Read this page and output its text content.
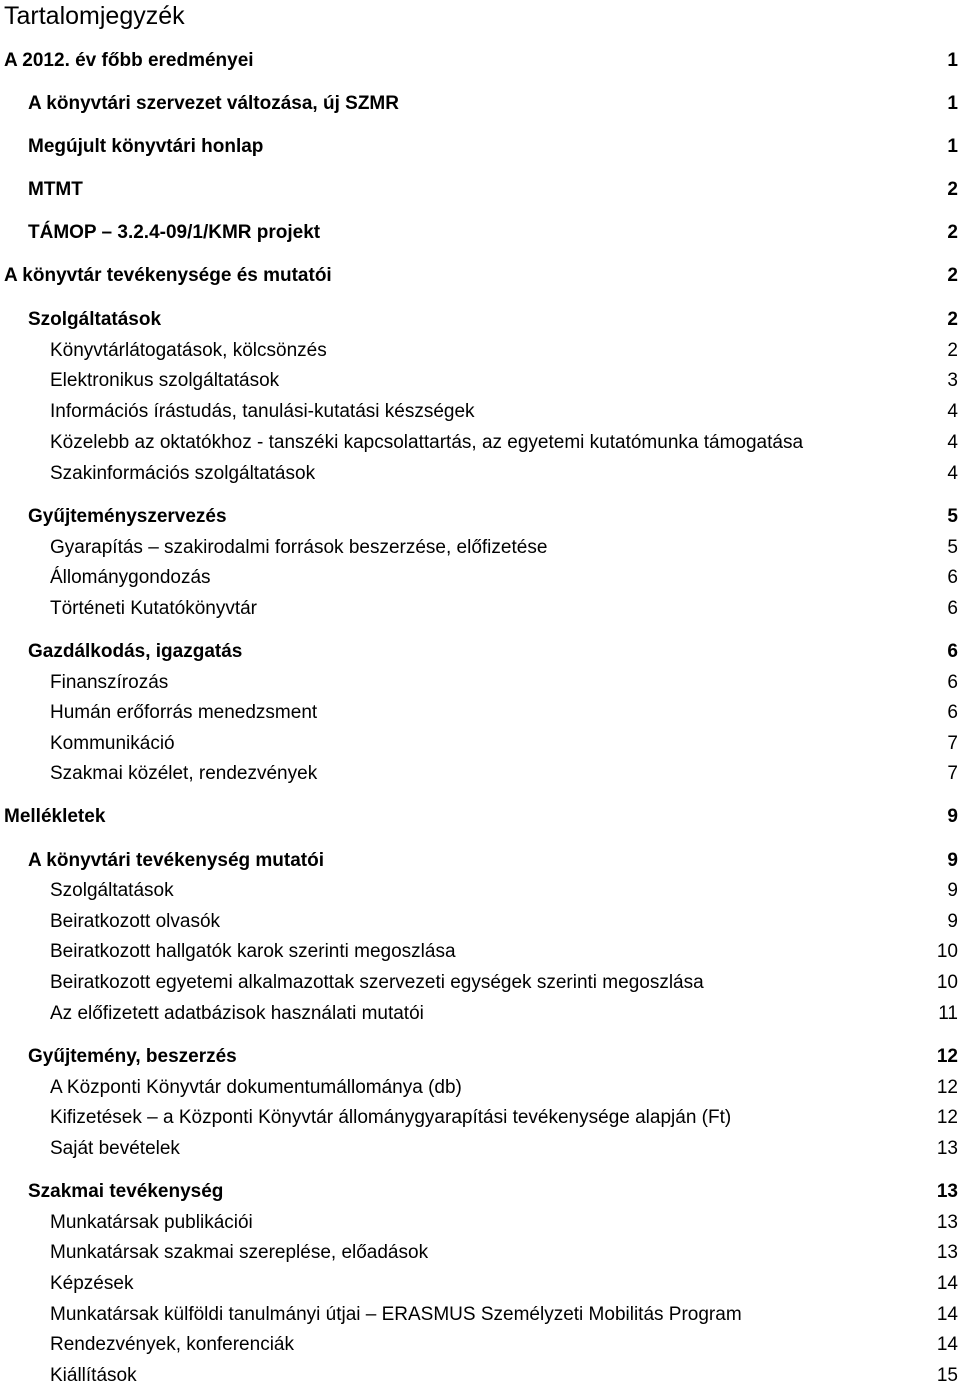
Tartalomjegyzék
A 2012. év főbb eredményei	1
A könyvtári szervezet változása, új SZMR	1
Megújult könyvtári honlap	1
MTMT	2
TÁMOP – 3.2.4-09/1/KMR projekt	2
A könyvtár tevékenysége és mutatói	2
Szolgáltatások	2
Könyvtárlátogatások, kölcsönzés	2
Elektronikus szolgáltatások	3
Információs írástudás, tanulási-kutatási készségek	4
Közelebb az oktatókhoz - tanszéki kapcsolattartás, az egyetemi kutatómunka támogatása	4
Szakinformációs szolgáltatások	4
Gyűjteményszervezés	5
Gyarapítás – szakirodalmi források beszerzése, előfizetése	5
Állománygondozás	6
Történeti Kutatókönyvtár	6
Gazdálkodás, igazgatás	6
Finanszírozás	6
Humán erőforrás menedzsment	6
Kommunikáció	7
Szakmai közélet, rendezvények	7
Mellékletek	9
A könyvtári tevékenység mutatói	9
Szolgáltatások	9
Beiratkozott olvasók	9
Beiratkozott hallgatók karok szerinti megoszlása	10
Beiratkozott egyetemi alkalmazottak szervezeti egységek szerinti megoszlása	10
Az előfizetett adatbázisok használati mutatói	11
Gyűjtemény, beszerzés	12
A Központi Könyvtár dokumentumállománya (db)	12
Kifizetések – a Központi Könyvtár állománygyarapítási tevékenysége alapján (Ft)	12
Saját bevételek	13
Szakmai tevékenység	13
Munkatársak publikációi	13
Munkatársak szakmai szereplése, előadások	13
Képzések	14
Munkatársak külföldi tanulmányi útjai – ERASMUS Személyzeti Mobilitás Program	14
Rendezvények, konferenciák	14
Kiállítások	15
